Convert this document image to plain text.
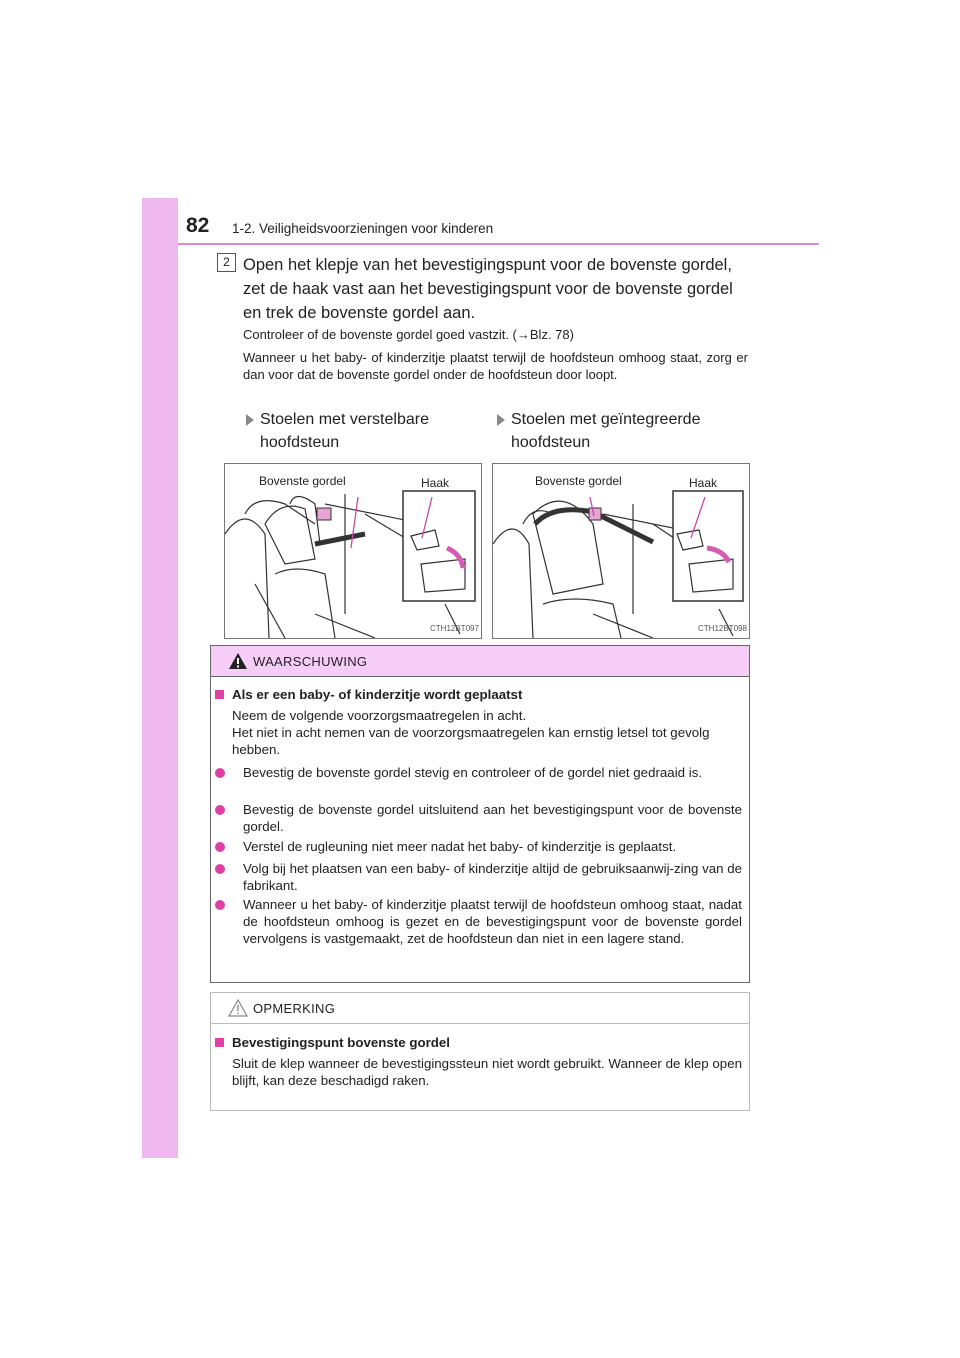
82 1-2. Veiligheidsvoorzieningen voor kinderen
2 Open het klepje van het bevestigingspunt voor de bovenste gordel, zet de haak vast aan het bevestigingspunt voor de bovenste gordel en trek de bovenste gordel aan.
Controleer of de bovenste gordel goed vastzit. (→Blz. 78)
Wanneer u het baby- of kinderzitje plaatst terwijl de hoofdsteun omhoog staat, zorg er dan voor dat de bovenste gordel onder de hoofdsteun door loopt.
Stoelen met verstelbare
hoofdsteun
Stoelen met geïntegreerde
hoofdsteun
Bovenste gordel	Haak
CTH12BT097
Bovenste gordel	Haak
CTH12BT098
WAARSCHUWING
Als er een baby- of kinderzitje wordt geplaatst
Neem de volgende voorzorgsmaatregelen in acht.
Het niet in acht nemen van de voorzorgsmaatregelen kan ernstig letsel tot gevolg hebben.
Bevestig de bovenste gordel stevig en controleer of de gordel niet gedraaid is.
Bevestig de bovenste gordel uitsluitend aan het bevestigingspunt voor de bovenste gordel.
Verstel de rugleuning niet meer nadat het baby- of kinderzitje is geplaatst.
Volg bij het plaatsen van een baby- of kinderzitje altijd de gebruiksaanwij-zing van de fabrikant.
Wanneer u het baby- of kinderzitje plaatst terwijl de hoofdsteun omhoog staat, nadat de hoofdsteun omhoog is gezet en de bevestigingspunt voor de bovenste gordel vervolgens is vastgemaakt, zet de hoofdsteun dan niet in een lagere stand.
OPMERKING
Bevestigingspunt bovenste gordel
Sluit de klep wanneer de bevestigingssteun niet wordt gebruikt. Wanneer de klep open blijft, kan deze beschadigd raken.
